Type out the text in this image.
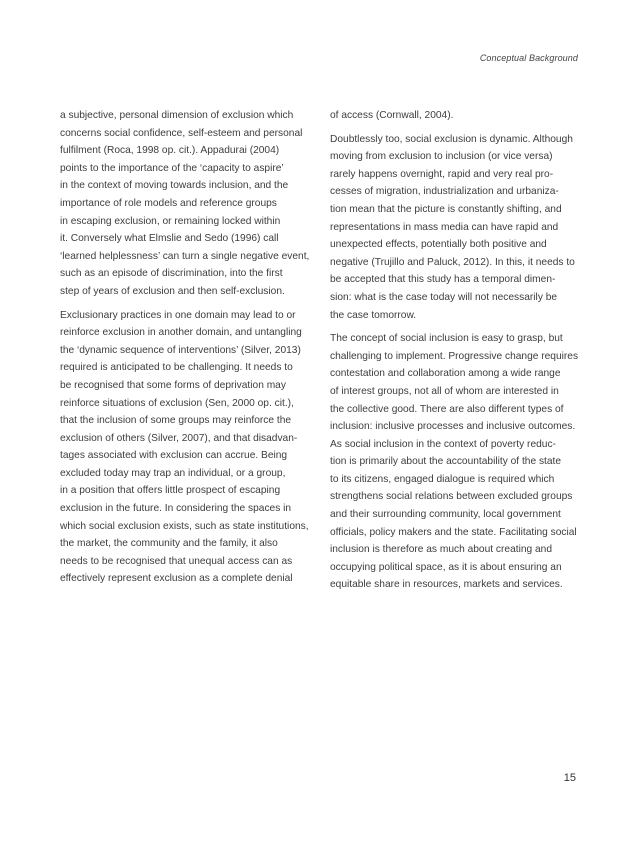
Conceptual Background

a subjective, personal dimension of exclusion which
concerns social confidence, self-esteem and personal
fulfilment (Roca, 1998 op. cit.). Appadurai (2004)
points to the importance of the ‘capacity to aspire’
in the context of moving towards inclusion, and the
importance of role models and reference groups
in escaping exclusion, or remaining locked within
it. Conversely what Elmslie and Sedo (1996) call
‘learned helplessness’ can turn a single negative event,
such as an episode of discrimination, into the first
step of years of exclusion and then self-exclusion.

Exclusionary practices in one domain may lead to or
reinforce exclusion in another domain, and untangling
the ‘dynamic sequence of interventions’ (Silver, 2013)
required is anticipated to be challenging. It needs to
be recognised that some forms of deprivation may
reinforce situations of exclusion (Sen, 2000 op. cit.),
that the inclusion of some groups may reinforce the
exclusion of others (Silver, 2007), and that disadvan-
tages associated with exclusion can accrue. Being
excluded today may trap an individual, or a group,
in a position that offers little prospect of escaping
exclusion in the future. In considering the spaces in
which social exclusion exists, such as state institutions,
the market, the community and the family, it also
needs to be recognised that unequal access can as
effectively represent exclusion as a complete denial

of access (Cornwall, 2004).

Doubtlessly too, social exclusion is dynamic. Although
moving from exclusion to inclusion (or vice versa)
rarely happens overnight, rapid and very real pro-
cesses of migration, industrialization and urbaniza-
tion mean that the picture is constantly shifting, and
representations in mass media can have rapid and
unexpected effects, potentially both positive and
negative (Trujillo and Paluck, 2012). In this, it needs to
be accepted that this study has a temporal dimen-
sion: what is the case today will not necessarily be
the case tomorrow.

The concept of social inclusion is easy to grasp, but
challenging to implement. Progressive change requires
contestation and collaboration among a wide range
of interest groups, not all of whom are interested in
the collective good. There are also different types of
inclusion: inclusive processes and inclusive outcomes.
As social inclusion in the context of poverty reduc-
tion is primarily about the accountability of the state
to its citizens, engaged dialogue is required which
strengthens social relations between excluded groups
and their surrounding community, local government
officials, policy makers and the state. Facilitating social
inclusion is therefore as much about creating and
occupying political space, as it is about ensuring an
equitable share in resources, markets and services.

15
